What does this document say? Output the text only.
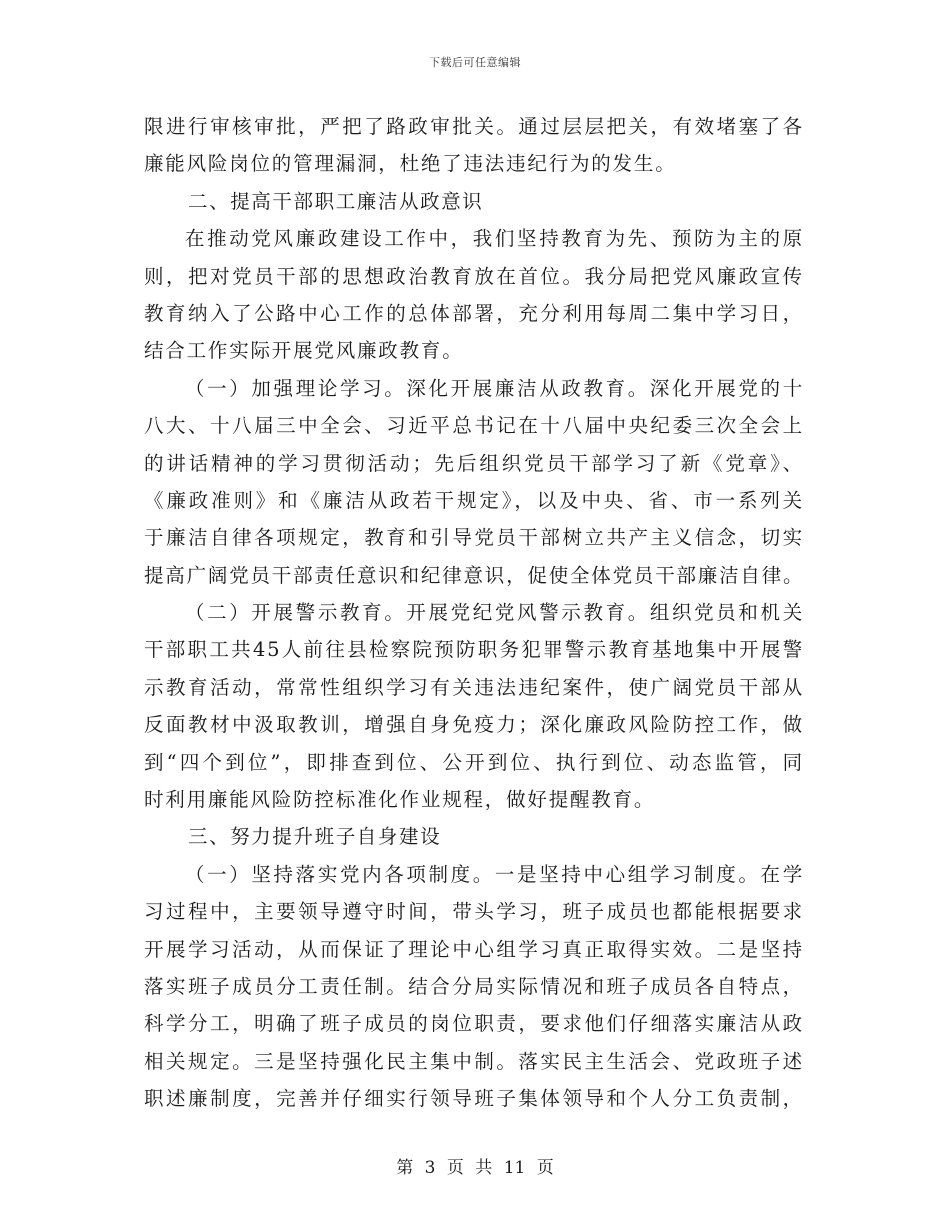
下载后可任意编辑
限进行审核审批，严把了路政审批关。通过层层把关，有效堵塞了各
廉能风险岗位的管理漏洞，杜绝了违法违纪行为的发生。
二、提高干部职工廉洁从政意识
在推动党风廉政建设工作中，我们坚持教育为先、预防为主的原
则，把对党员干部的思想政治教育放在首位。我分局把党风廉政宣传
教育纳入了公路中心工作的总体部署，充分利用每周二集中学习日，
结合工作实际开展党风廉政教育。
（一）加强理论学习。深化开展廉洁从政教育。深化开展党的十
八大、十八届三中全会、习近平总书记在十八届中央纪委三次全会上
的讲话精神的学习贯彻活动；先后组织党员干部学习了新《党章》、
《廉政准则》和《廉洁从政若干规定》，以及中央、省、市一系列关
于廉洁自律各项规定，教育和引导党员干部树立共产主义信念，切实
提高广阔党员干部责任意识和纪律意识，促使全体党员干部廉洁自律。
（二）开展警示教育。开展党纪党风警示教育。组织党员和机关
干部职工共45人前往县检察院预防职务犯罪警示教育基地集中开展警
示教育活动，常常性组织学习有关违法违纪案件，使广阔党员干部从
反面教材中汲取教训，增强自身免疫力；深化廉政风险防控工作，做
到“四个到位”，即排查到位、公开到位、执行到位、动态监管，同
时利用廉能风险防控标准化作业规程，做好提醒教育。
三、努力提升班子自身建设
（一）坚持落实党内各项制度。一是坚持中心组学习制度。在学
习过程中，主要领导遵守时间，带头学习，班子成员也都能根据要求
开展学习活动，从而保证了理论中心组学习真正取得实效。二是坚持
落实班子成员分工责任制。结合分局实际情况和班子成员各自特点，
科学分工，明确了班子成员的岗位职责，要求他们仔细落实廉洁从政
相关规定。三是坚持强化民主集中制。落实民主生活会、党政班子述
职述廉制度，完善并仔细实行领导班子集体领导和个人分工负责制，
第 3 页 共 11 页
